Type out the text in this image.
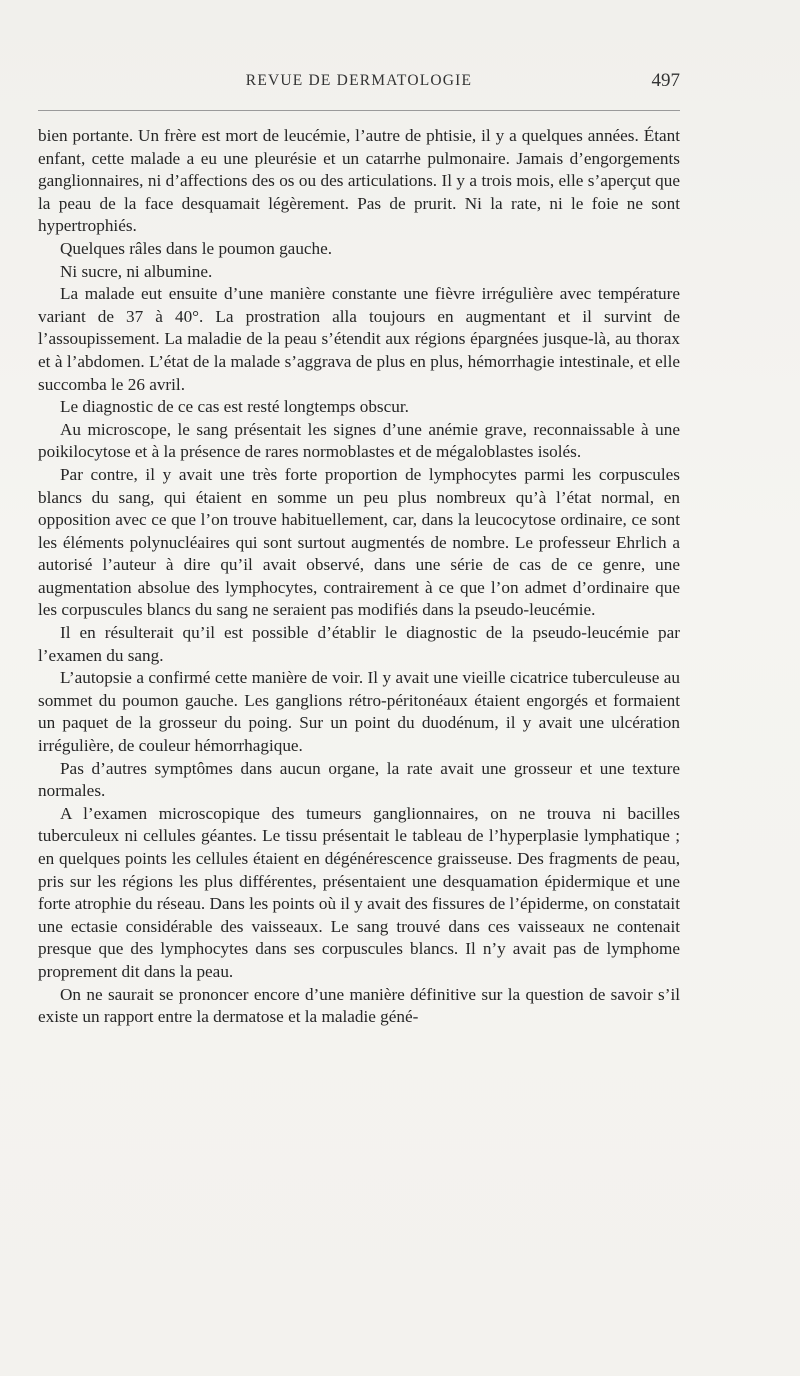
REVUE DE DERMATOLOGIE	497

bien portante. Un frère est mort de leucémie, l’autre de phtisie, il y a quelques années. Étant enfant, cette malade a eu une pleurésie et un catarrhe pulmonaire. Jamais d’engorgements ganglionnaires, ni d’affections des os ou des articulations. Il y a trois mois, elle s’aperçut que la peau de la face desquamait légèrement. Pas de prurit. Ni la rate, ni le foie ne sont hypertrophiés.

Quelques râles dans le poumon gauche.

Ni sucre, ni albumine.

La malade eut ensuite d’une manière constante une fièvre irrégulière avec température variant de 37 à 40°. La prostration alla toujours en augmentant et il survint de l’assoupissement. La maladie de la peau s’étendit aux régions épargnées jusque-là, au thorax et à l’abdomen. L’état de la malade s’aggrava de plus en plus, hémorrhagie intestinale, et elle succomba le 26 avril.

Le diagnostic de ce cas est resté longtemps obscur.

Au microscope, le sang présentait les signes d’une anémie grave, reconnaissable à une poikilocytose et à la présence de rares normoblastes et de mégaloblastes isolés.

Par contre, il y avait une très forte proportion de lymphocytes parmi les corpuscules blancs du sang, qui étaient en somme un peu plus nombreux qu’à l’état normal, en opposition avec ce que l’on trouve habituellement, car, dans la leucocytose ordinaire, ce sont les éléments polynucléaires qui sont surtout augmentés de nombre. Le professeur Ehrlich a autorisé l’auteur à dire qu’il avait observé, dans une série de cas de ce genre, une augmentation absolue des lymphocytes, contrairement à ce que l’on admet d’ordinaire que les corpuscules blancs du sang ne seraient pas modifiés dans la pseudo-leucémie.

Il en résulterait qu’il est possible d’établir le diagnostic de la pseudo-leucémie par l’examen du sang.

L’autopsie a confirmé cette manière de voir. Il y avait une vieille cicatrice tuberculeuse au sommet du poumon gauche. Les ganglions rétro-péritonéaux étaient engorgés et formaient un paquet de la grosseur du poing. Sur un point du duodénum, il y avait une ulcération irrégulière, de couleur hémorrhagique.

Pas d’autres symptômes dans aucun organe, la rate avait une grosseur et une texture normales.

A l’examen microscopique des tumeurs ganglionnaires, on ne trouva ni bacilles tuberculeux ni cellules géantes. Le tissu présentait le tableau de l’hyperplasie lymphatique ; en quelques points les cellules étaient en dégénérescence graisseuse. Des fragments de peau, pris sur les régions les plus différentes, présentaient une desquamation épidermique et une forte atrophie du réseau. Dans les points où il y avait des fissures de l’épiderme, on constatait une ectasie considérable des vaisseaux. Le sang trouvé dans ces vaisseaux ne contenait presque que des lymphocytes dans ses corpuscules blancs. Il n’y avait pas de lymphome proprement dit dans la peau.

On ne saurait se prononcer encore d’une manière définitive sur la question de savoir s’il existe un rapport entre la dermatose et la maladie géné-
